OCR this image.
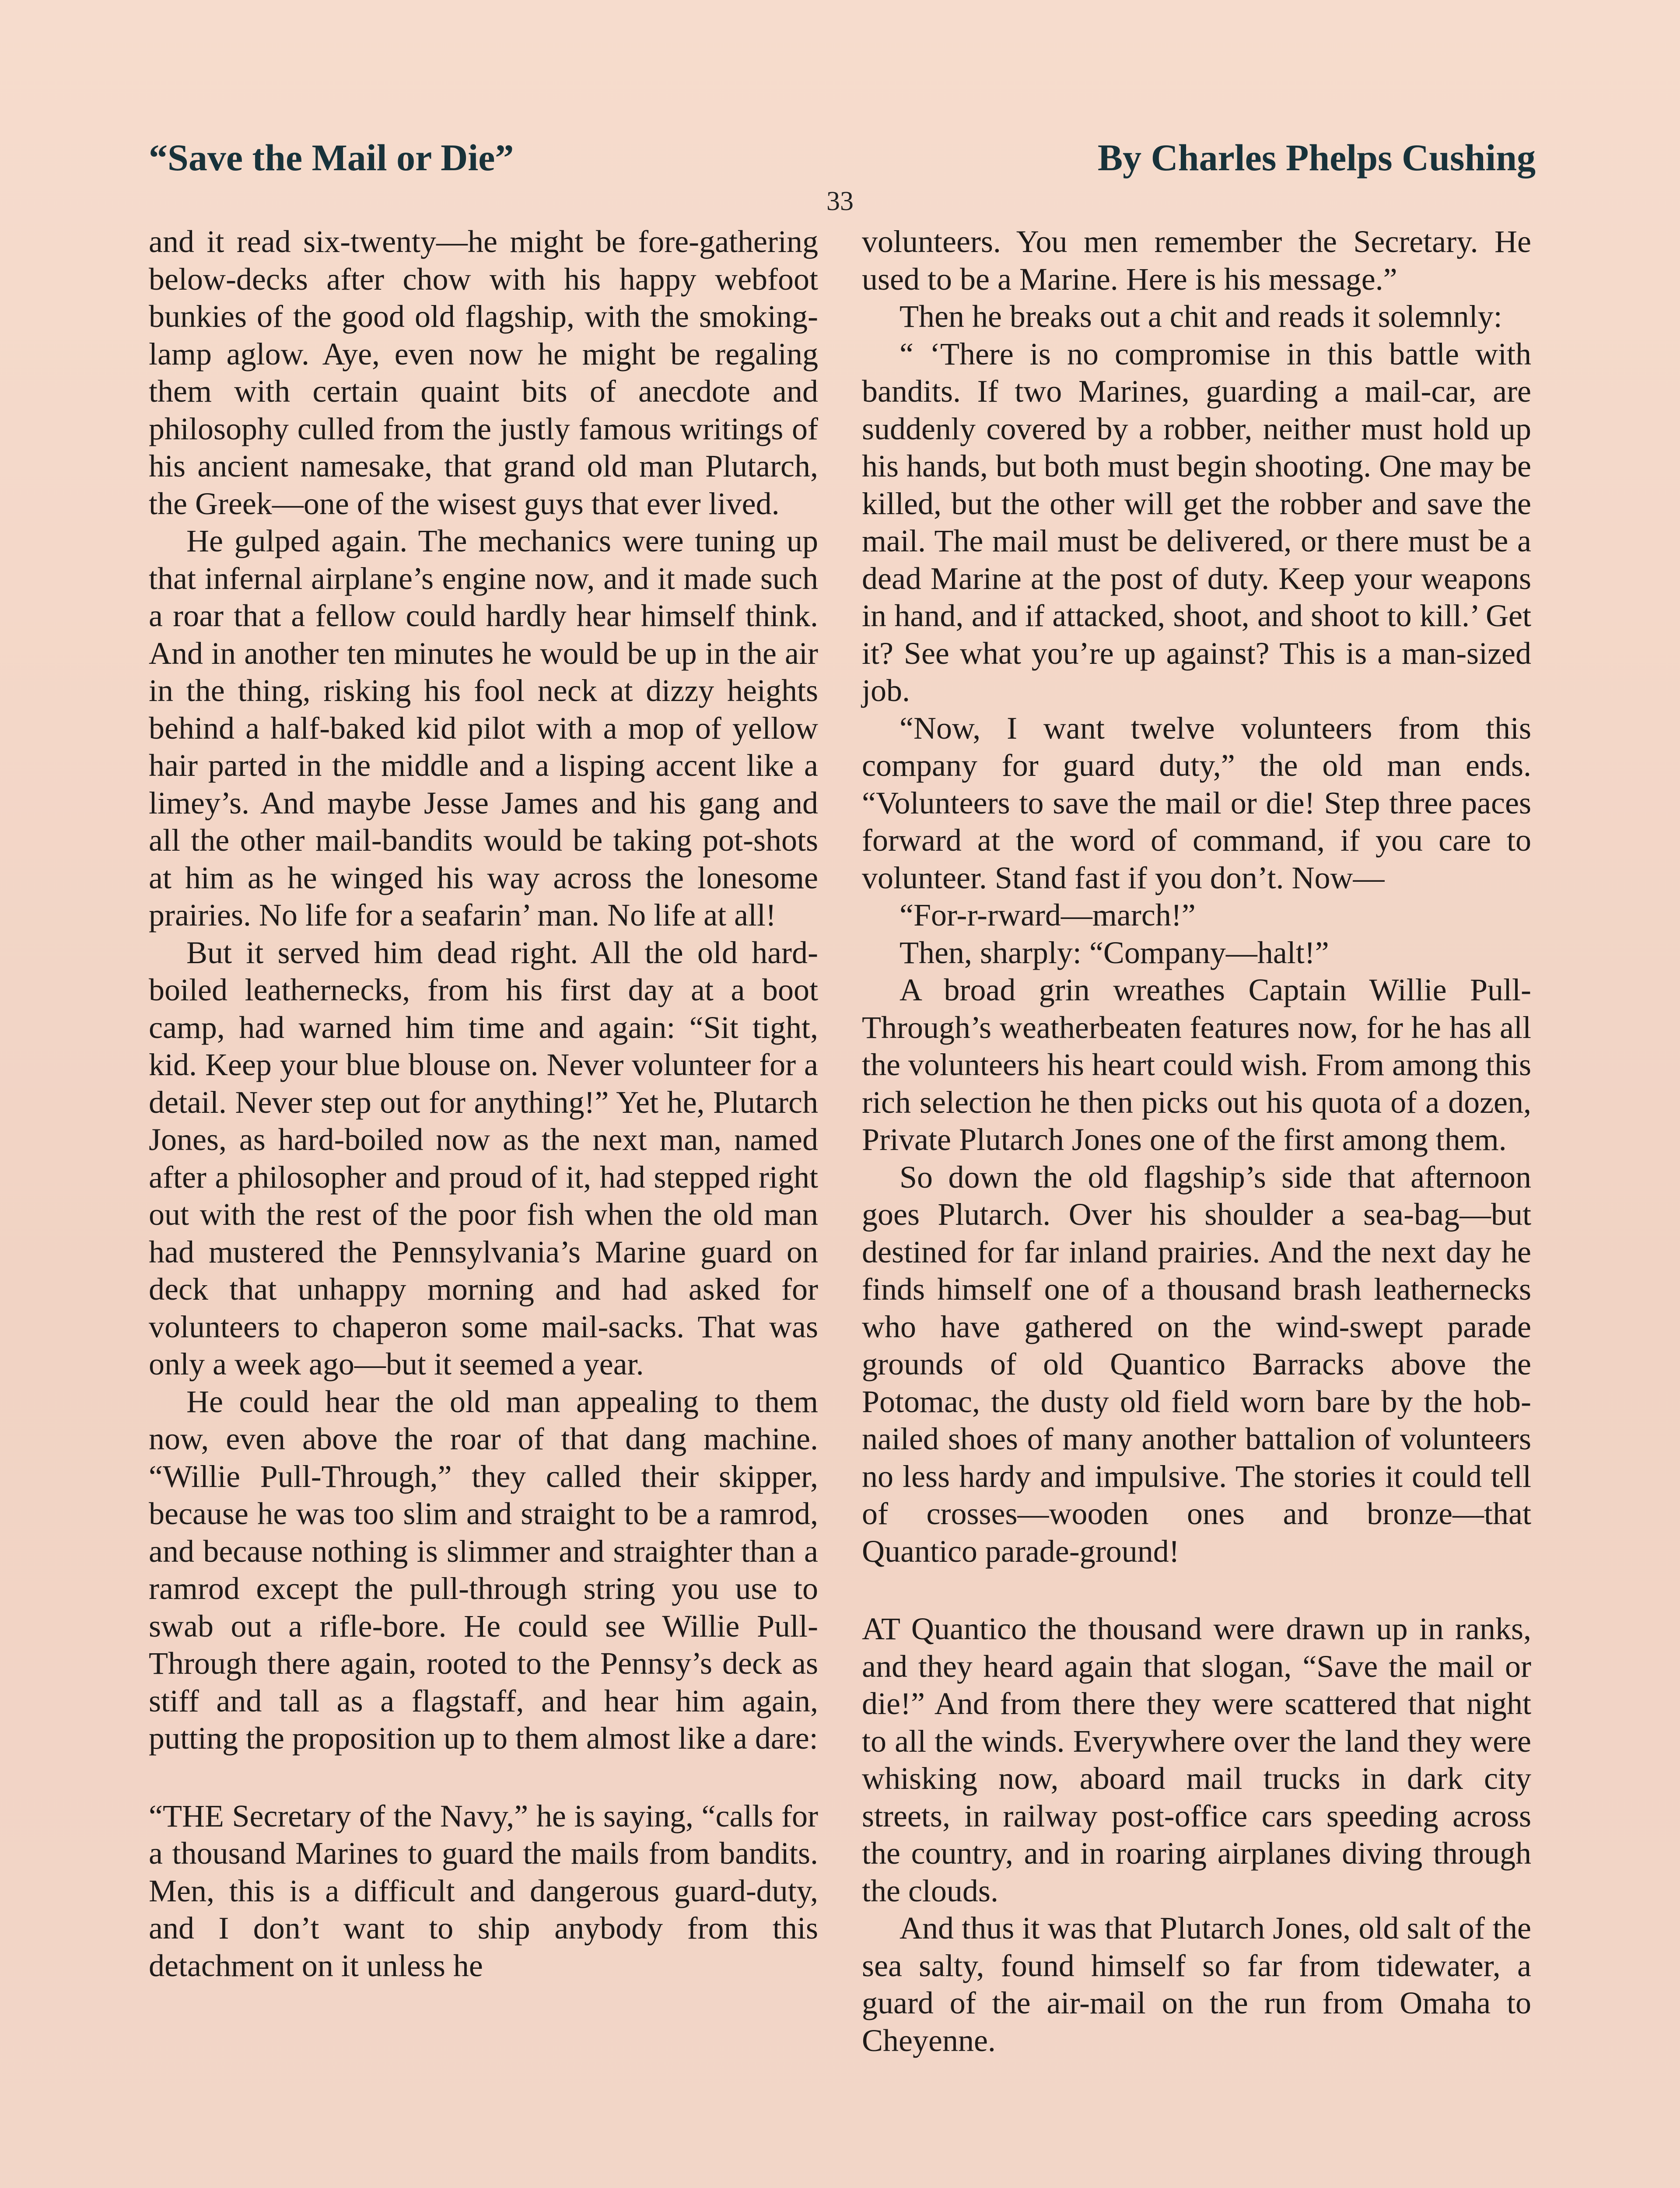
“Save the Mail or Die”	By Charles Phelps Cushing
33

and it read six-twenty—he might be fore-gathering below-decks after chow with his happy webfoot bunkies of the good old flagship, with the smoking-lamp aglow. Aye, even now he might be regaling them with certain quaint bits of anecdote and philosophy culled from the justly famous writings of his ancient namesake, that grand old man Plutarch, the Greek—one of the wisest guys that ever lived.

He gulped again. The mechanics were tuning up that infernal airplane’s engine now, and it made such a roar that a fellow could hardly hear himself think. And in another ten minutes he would be up in the air in the thing, risking his fool neck at dizzy heights behind a half-baked kid pilot with a mop of yellow hair parted in the middle and a lisping accent like a limey’s. And maybe Jesse James and his gang and all the other mail-bandits would be taking pot-shots at him as he winged his way across the lonesome prairies. No life for a seafarin’ man. No life at all!

But it served him dead right. All the old hard-boiled leathernecks, from his first day at a boot camp, had warned him time and again: “Sit tight, kid. Keep your blue blouse on. Never volunteer for a detail. Never step out for anything!” Yet he, Plutarch Jones, as hard-boiled now as the next man, named after a philosopher and proud of it, had stepped right out with the rest of the poor fish when the old man had mustered the Pennsylvania’s Marine guard on deck that unhappy morning and had asked for volunteers to chaperon some mail-sacks. That was only a week ago—but it seemed a year.

He could hear the old man appealing to them now, even above the roar of that dang machine. “Willie Pull-Through,” they called their skipper, because he was too slim and straight to be a ramrod, and because nothing is slimmer and straighter than a ramrod except the pull-through string you use to swab out a rifle-bore. He could see Willie Pull-Through there again, rooted to the Pennsy’s deck as stiff and tall as a flagstaff, and hear him again, putting the proposition up to them almost like a dare:

“THE Secretary of the Navy,” he is saying, “calls for a thousand Marines to guard the mails from bandits. Men, this is a difficult and dangerous guard-duty, and I don’t want to ship anybody from this detachment on it unless he

volunteers. You men remember the Secretary. He used to be a Marine. Here is his message.”

Then he breaks out a chit and reads it solemnly:

“ ‘There is no compromise in this battle with bandits. If two Marines, guarding a mail-car, are suddenly covered by a robber, neither must hold up his hands, but both must begin shooting. One may be killed, but the other will get the robber and save the mail. The mail must be delivered, or there must be a dead Marine at the post of duty. Keep your weapons in hand, and if attacked, shoot, and shoot to kill.’ Get it? See what you’re up against? This is a man-sized job.

“Now, I want twelve volunteers from this company for guard duty,” the old man ends. “Volunteers to save the mail or die! Step three paces forward at the word of command, if you care to volunteer. Stand fast if you don’t. Now—

“For-r-rward—march!”

Then, sharply: “Company—halt!”

A broad grin wreathes Captain Willie Pull-Through’s weatherbeaten features now, for he has all the volunteers his heart could wish. From among this rich selection he then picks out his quota of a dozen, Private Plutarch Jones one of the first among them.

So down the old flagship’s side that afternoon goes Plutarch. Over his shoulder a sea-bag—but destined for far inland prairies. And the next day he finds himself one of a thousand brash leathernecks who have gathered on the wind-swept parade grounds of old Quantico Barracks above the Potomac, the dusty old field worn bare by the hob-nailed shoes of many another battalion of volunteers no less hardy and impulsive. The stories it could tell of crosses—wooden ones and bronze—that Quantico parade-ground!

AT Quantico the thousand were drawn up in ranks, and they heard again that slogan, “Save the mail or die!” And from there they were scattered that night to all the winds. Everywhere over the land they were whisking now, aboard mail trucks in dark city streets, in railway post-office cars speeding across the country, and in roaring airplanes diving through the clouds.

And thus it was that Plutarch Jones, old salt of the sea salty, found himself so far from tidewater, a guard of the air-mail on the run from Omaha to Cheyenne.
